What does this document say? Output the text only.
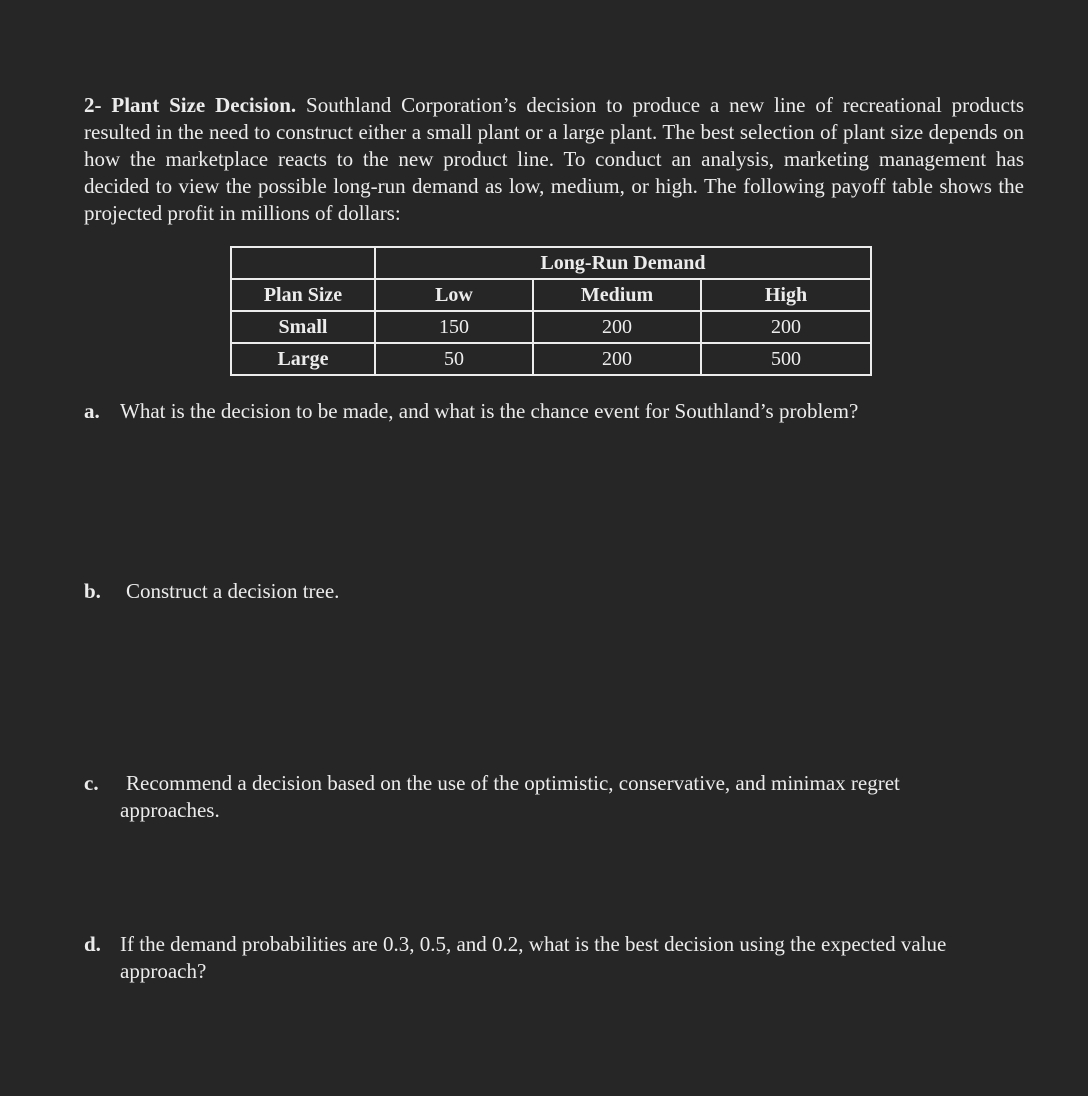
2- Plant Size Decision. Southland Corporation’s decision to produce a new line of recreational products resulted in the need to construct either a small plant or a large plant. The best selection of plant size depends on how the marketplace reacts to the new product line. To conduct an analysis, marketing management has decided to view the possible long-run demand as low, medium, or high. The following payoff table shows the projected profit in millions of dollars:
	Long-Run Demand		
Plan Size	Low	Medium	High
Small	150	200	200
Large	50	200	500
a. What is the decision to be made, and what is the chance event for Southland’s problem?
b. Construct a decision tree.
c. Recommend a decision based on the use of the optimistic, conservative, and minimax regret
approaches.
d. If the demand probabilities are 0.3, 0.5, and 0.2, what is the best decision using the expected value
approach?
